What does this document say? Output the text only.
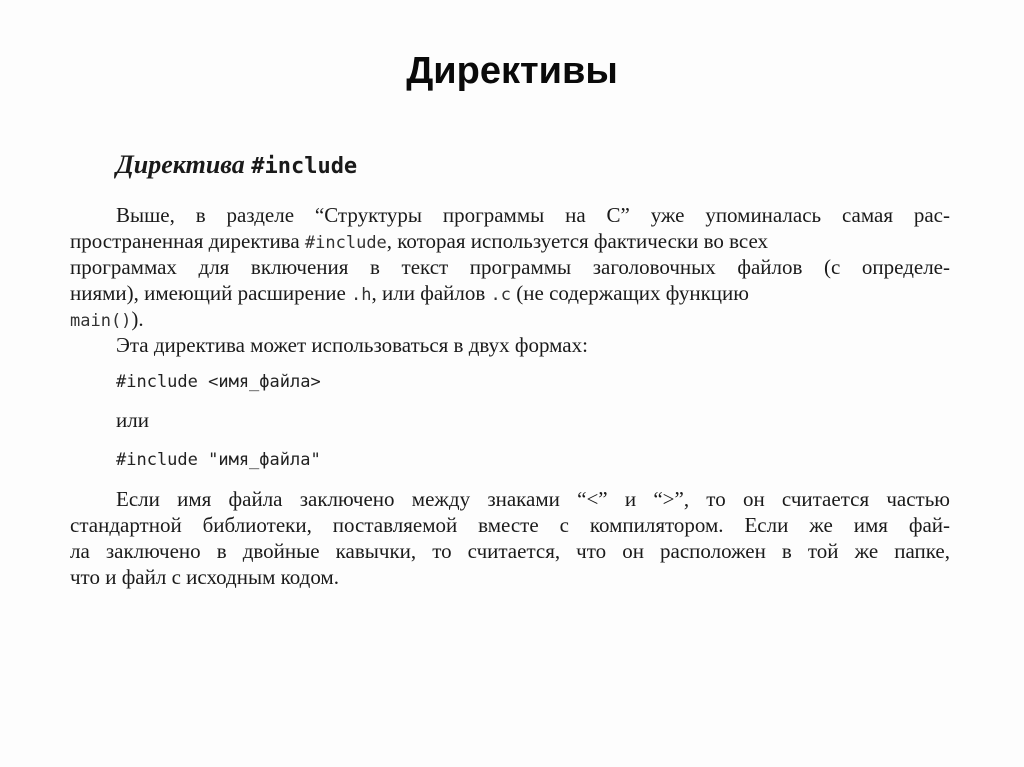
Директивы
Директива #include
Выше, в разделе “Структуры программы на С” уже упоминалась самая рас-
пространенная директива #include, которая используется фактически во всех
программах для включения в текст программы заголовочных файлов (с определе-
ниями), имеющий расширение .h, или файлов .c (не содержащих функцию
main()).
Эта директива может использоваться в двух формах:
#include <имя_файла>
или
#include "имя_файла"
Если имя файла заключено между знаками “<” и “>”, то он считается частью
стандартной библиотеки, поставляемой вместе с компилятором. Если же имя фай-
ла заключено в двойные кавычки, то считается, что он расположен в той же папке,
что и файл с исходным кодом.
